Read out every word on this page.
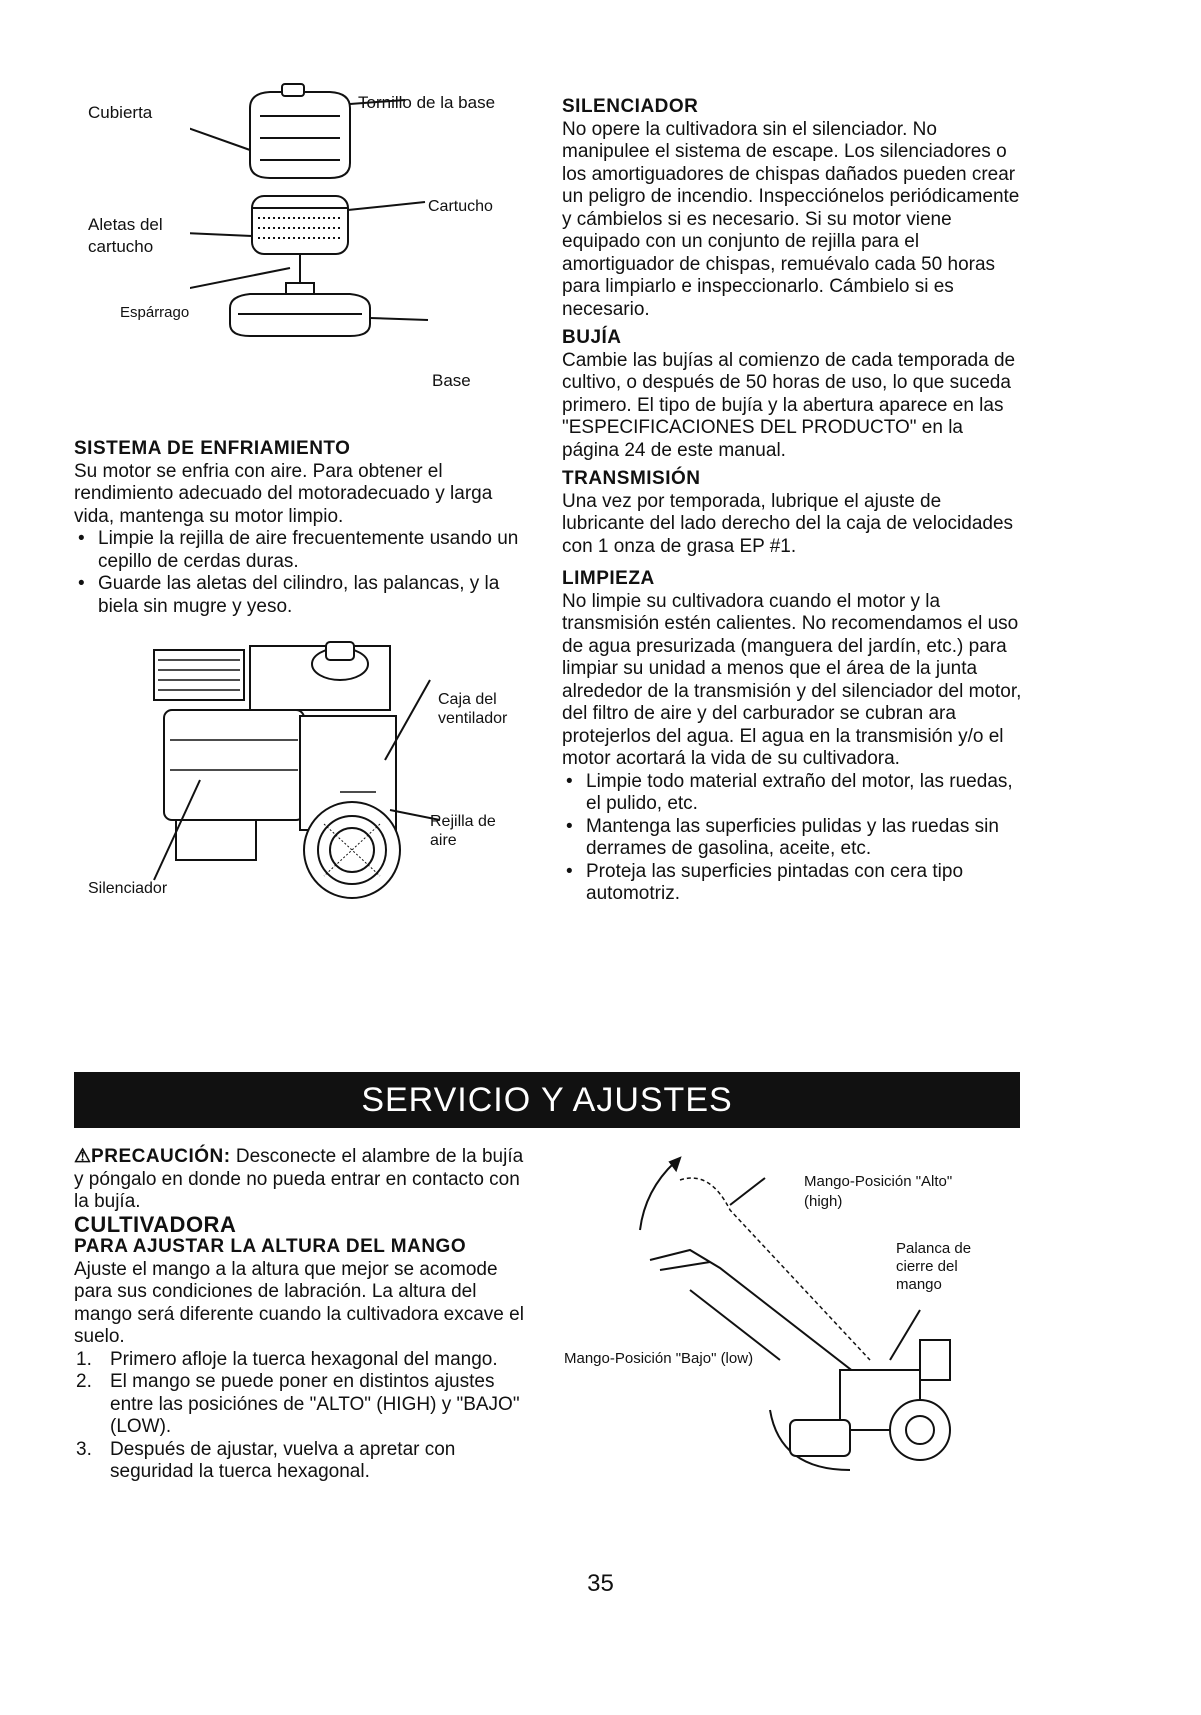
Cubierta
Tornillo de la base
Aletas del cartucho
Cartucho
Espárrago
Base

SISTEMA DE ENFRIAMIENTO

Su motor se enfria con aire. Para obtener el rendimiento adecuado del motoradecuado y larga vida, mantenga su motor limpio.

• Limpie la rejilla de aire frecuentemente usando un cepillo de cerdas duras.
• Guarde las aletas del cilindro, las palancas, y la biela sin mugre y yeso.
Caja del ventilador
Rejilla de aire
Silenciador

SILENCIADOR

No opere la cultivadora sin el silenciador. No manipulee el sistema de escape. Los silenciadores o los amortiguadores de chispas dañados pueden crear un peligro de incendio. Inspecciónelos periódicamente y cámbielos si es necesario. Si su motor viene equipado con un conjunto de rejilla para el amortiguador de chispas, remuévalo cada 50 horas para limpiarlo e inspeccionarlo. Cámbielo si es necesario.

BUJÍA

Cambie las bujías al comienzo de cada temporada de cultivo, o después de 50 horas de uso, lo que suceda primero. El tipo de bujía y la abertura aparece en las "ESPECIFICACIONES DEL PRODUCTO" en la página 24 de este manual.

TRANSMISIÓN

Una vez por temporada, lubrique el ajuste de lubricante del lado derecho del la caja de velocidades con 1 onza de grasa EP #1.

LIMPIEZA

No limpie su cultivadora cuando el motor y la transmisión estén calientes. No recomendamos el uso de agua presurizada (manguera del jardín, etc.) para limpiar su unidad a menos que el área de la junta alrededor de la transmisión y del silenciador del motor, del filtro de aire y del carburador se cubran ara protejerlos del agua. El agua en la transmisión y/o el motor acortará la vida de su cultivadora.

• Limpie todo material extraño del motor, las ruedas, el pulido, etc.
• Mantenga las superficies pulidas y las ruedas sin derrames de gasolina, aceite, etc.
• Proteja las superficies pintadas con cera tipo automotriz.
SERVICIO Y AJUSTES

⚠PRECAUCIÓN: Desconecte el alambre de la bujía y póngalo en donde no pueda entrar en contacto con la bujía.

CULTIVADORA

PARA AJUSTAR LA ALTURA DEL MANGO

Ajuste el mango a la altura que mejor se acomode para sus condiciones de labración. La altura del mango será diferente cuando la cultivadora excave el suelo.

1. Primero afloje la tuerca hexagonal del mango.
2. El mango se puede poner en distintos ajustes entre las posiciónes de "ALTO" (HIGH) y "BAJO" (LOW).
3. Después de ajustar, vuelva a apretar con seguridad la tuerca hexagonal.
Mango-Posición "Alto" (high)
Palanca de cierre del mango
Mango-Posición "Bajo" (low)
35
